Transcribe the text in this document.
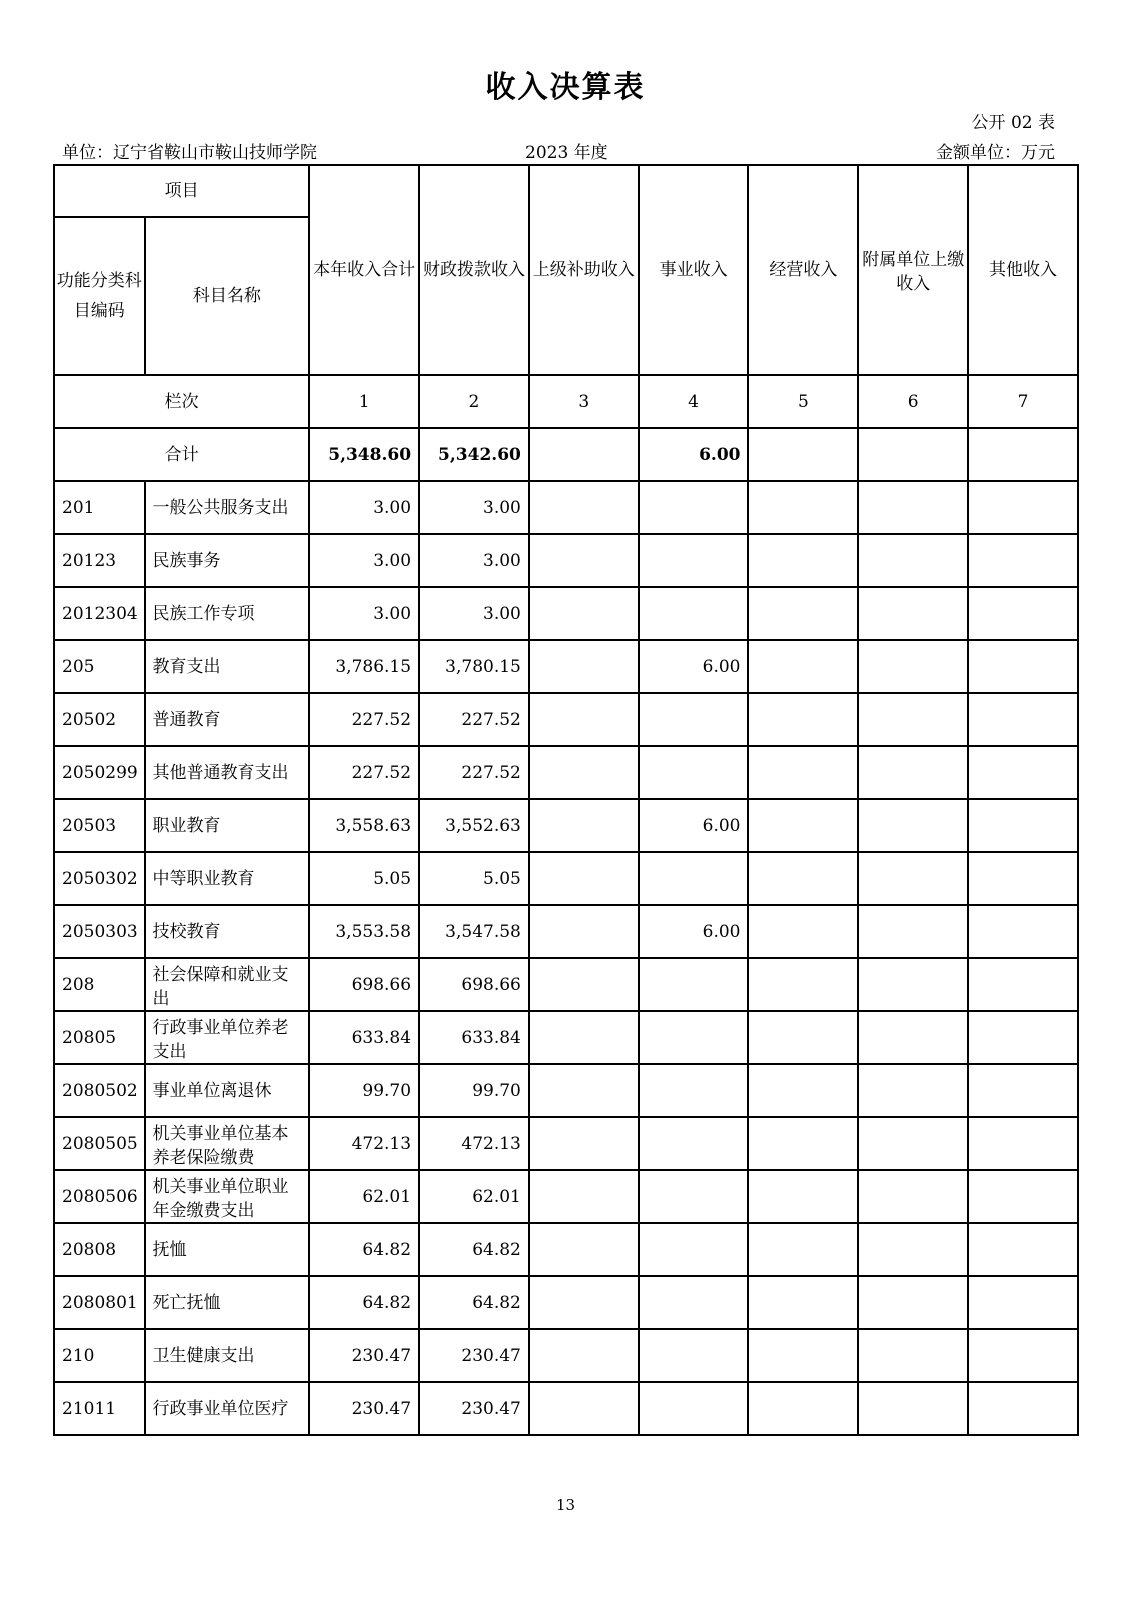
收入决算表
公开 02 表
单位：辽宁省鞍山市鞍山技师学院	2023 年度	金额单位：万元
项目		本年收入合计	财政拨款收入	上级补助收入	事业收入	经营收入	附属单位上缴收入	其他收入

功能分类科目编码	科目名称							
栏次		1	2	3	4	5	6	7
合计		5,348.60	5,342.60		6.00			
201	一般公共服务支出	3.00	3.00					
20123	民族事务	3.00	3.00					
2012304	民族工作专项	3.00	3.00					
205	教育支出	3,786.15	3,780.15		6.00			
20502	普通教育	227.52	227.52					
2050299	其他普通教育支出	227.52	227.52					
20503	职业教育	3,558.63	3,552.63		6.00			
2050302	中等职业教育	5.05	5.05					
2050303	技校教育	3,553.58	3,547.58		6.00			
208	社会保障和就业支出	698.66	698.66					
20805	行政事业单位养老支出	633.84	633.84					
2080502	事业单位离退休	99.70	99.70					
2080505	机关事业单位基本养老保险缴费	472.13	472.13					
2080506	机关事业单位职业年金缴费支出	62.01	62.01					
20808	抚恤	64.82	64.82					
2080801	死亡抚恤	64.82	64.82					
210	卫生健康支出	230.47	230.47					
21011	行政事业单位医疗	230.47	230.47					
13
